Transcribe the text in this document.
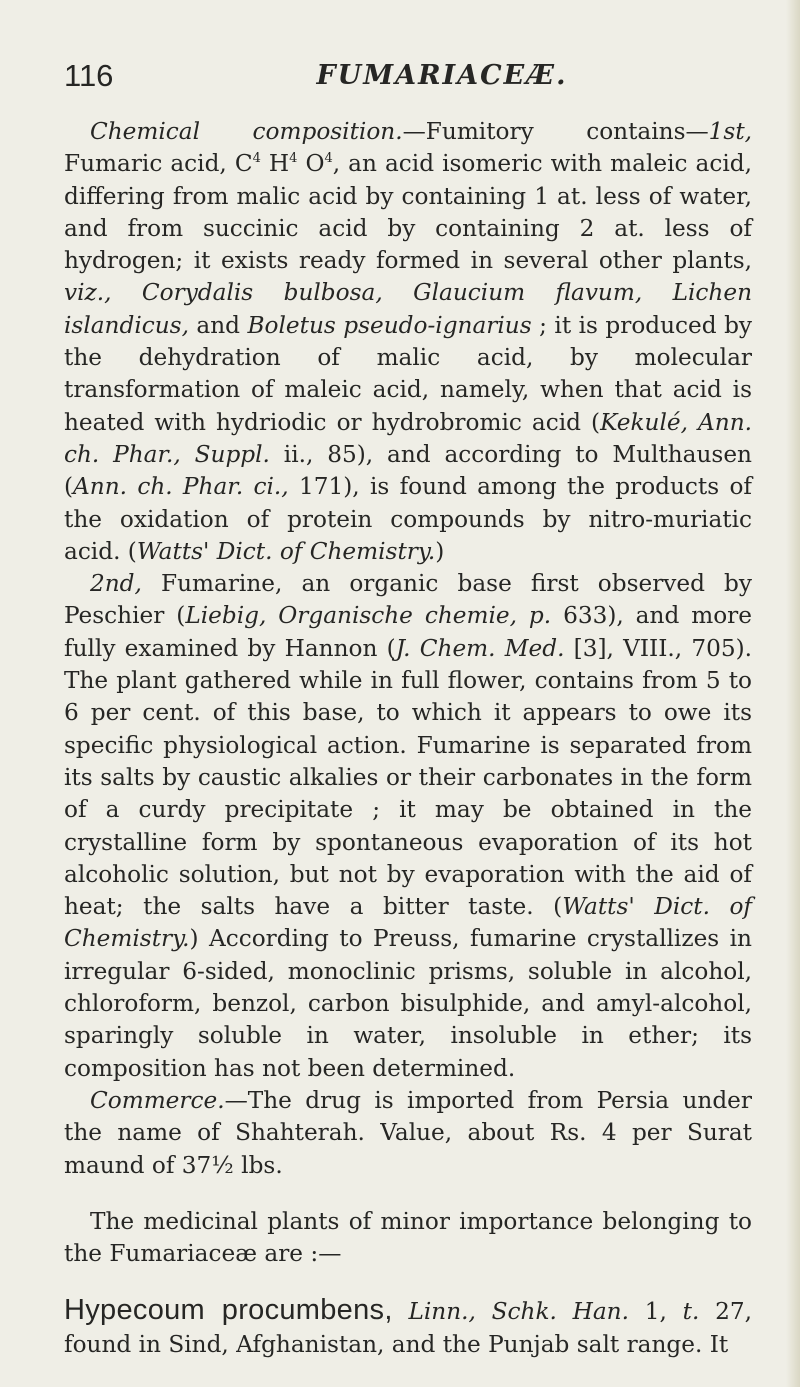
116	FUMARIACEÆ.

Chemical composition.—Fumitory contains—1st, Fumaric acid, $C^4$ $H^4$ $O^4$, an acid isomeric with maleic acid, differing from malic acid by containing 1 at. less of water, and from succinic acid by containing 2 at. less of hydrogen; it exists ready formed in several other plants, viz., Corydalis bulbosa, Glaucium flavum, Lichen islandicus, and Boletus pseudo-ignarius ; it is produced by the dehydration of malic acid, by molecular transformation of maleic acid, namely, when that acid is heated with hydriodic or hydrobromic acid (Kekulé, Ann. ch. Phar., Suppl. ii., 85), and according to Multhausen (Ann. ch. Phar. ci., 171), is found among the products of the oxidation of protein compounds by nitro-muriatic acid. (Watts' Dict. of Chemistry.)

2nd, Fumarine, an organic base first observed by Peschier (Liebig, Organische chemie, p. 633), and more fully examined by Hannon (J. Chem. Med. [3], VIII., 705). The plant gathered while in full flower, contains from 5 to 6 per cent. of this base, to which it appears to owe its specific physiological action. Fumarine is separated from its salts by caustic alkalies or their carbonates in the form of a curdy precipitate ; it may be obtained in the crystalline form by spontaneous evaporation of its hot alcoholic solution, but not by evaporation with the aid of heat; the salts have a bitter taste. (Watts' Dict. of Chemistry.) According to Preuss, fumarine crystallizes in irregular 6-sided, monoclinic prisms, soluble in alcohol, chloroform, benzol, carbon bisulphide, and amyl-alcohol, sparingly soluble in water, insoluble in ether; its composition has not been determined.

Commerce.—The drug is imported from Persia under the name of Shahterah. Value, about Rs. 4 per Surat maund of 37½ lbs.

The medicinal plants of minor importance belonging to the Fumariaceæ are :—

Hypecoum procumbens, Linn., Schk. Han. 1, t. 27, found in Sind, Afghanistan, and the Punjab salt range. It
